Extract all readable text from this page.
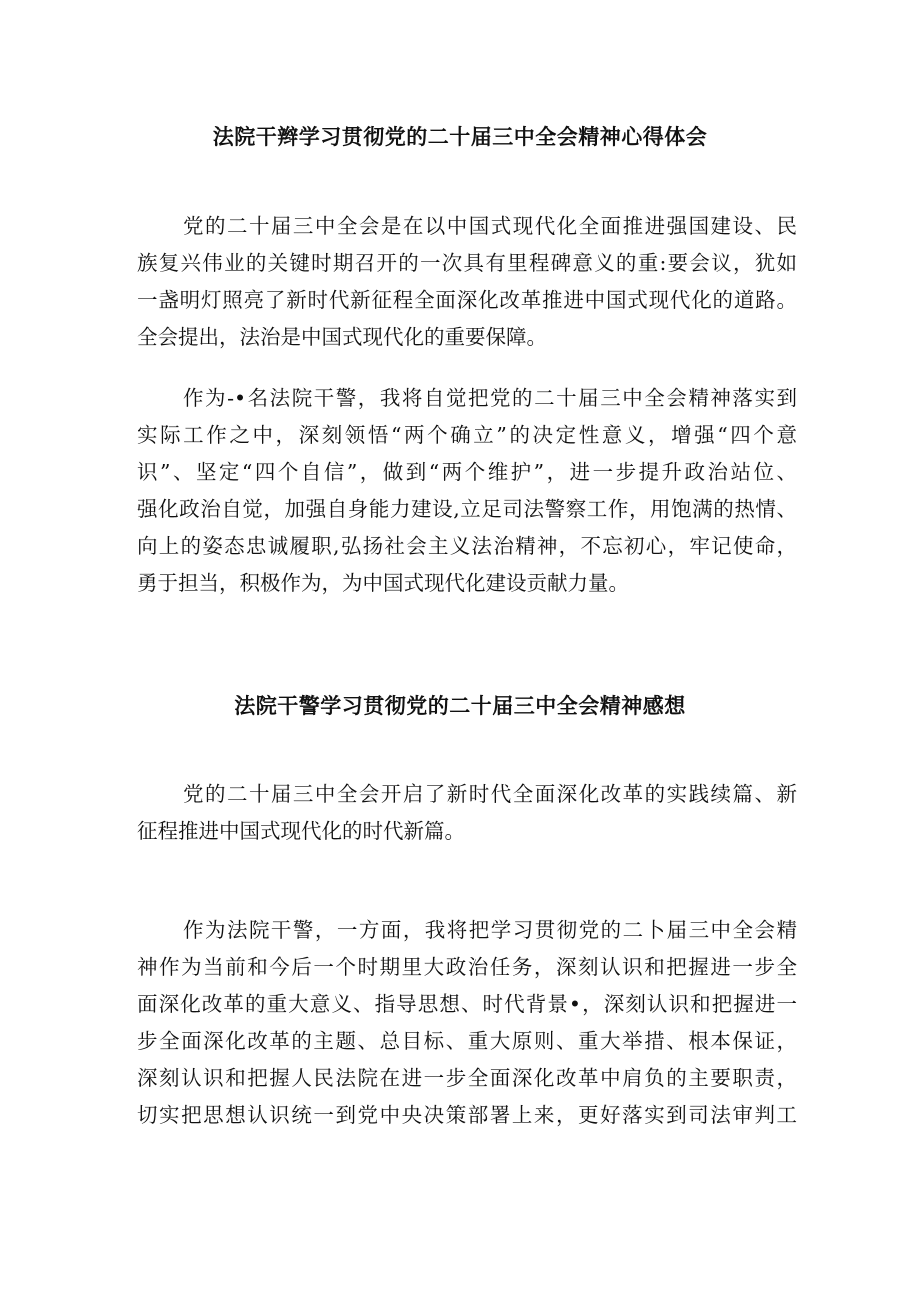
法院干辫学习贯彻党的二十届三中全会精神心得体会

党的二十届三中全会是在以中国式现代化全面推进强国建设、民
族复兴伟业的关键时期召开的一次具有里程碑意义的重:要会议，犹如
一盏明灯照亮了新时代新征程全面深化改革推进中国式现代化的道路。
全会提出，法治是中国式现代化的重要保障。

作为-•名法院干警，我将自觉把党的二十届三中全会精神落实到
实际工作之中，深刻领悟“两个确立”的决定性意义，增强“四个意
识”、坚定“四个自信”，做到“两个维护”，进一步提升政治站位、
强化政治自觉，加强自身能力建设,立足司法警察工作，用饱满的热情、
向上的姿态忠诚履职,弘扬社会主义法治精神，不忘初心，牢记使命，
勇于担当，积极作为，为中国式现代化建设贡献力量。

法院干警学习贯彻党的二十届三中全会精神感想

党的二十届三中全会开启了新时代全面深化改革的实践续篇、新
征程推进中国式现代化的时代新篇。

作为法院干警，一方面，我将把学习贯彻党的二卜届三中全会精
神作为当前和今后一个时期里大政治任务，深刻认识和把握进一步全
面深化改革的重大意义、指导思想、时代背景•，深刻认识和把握进一
步全面深化改革的主题、总目标、重大原则、重大举措、根本保证，
深刻认识和把握人民法院在进一步全面深化改革中肩负的主要职责，
切实把思想认识统一到党中央决策部署上来，更好落实到司法审判工
